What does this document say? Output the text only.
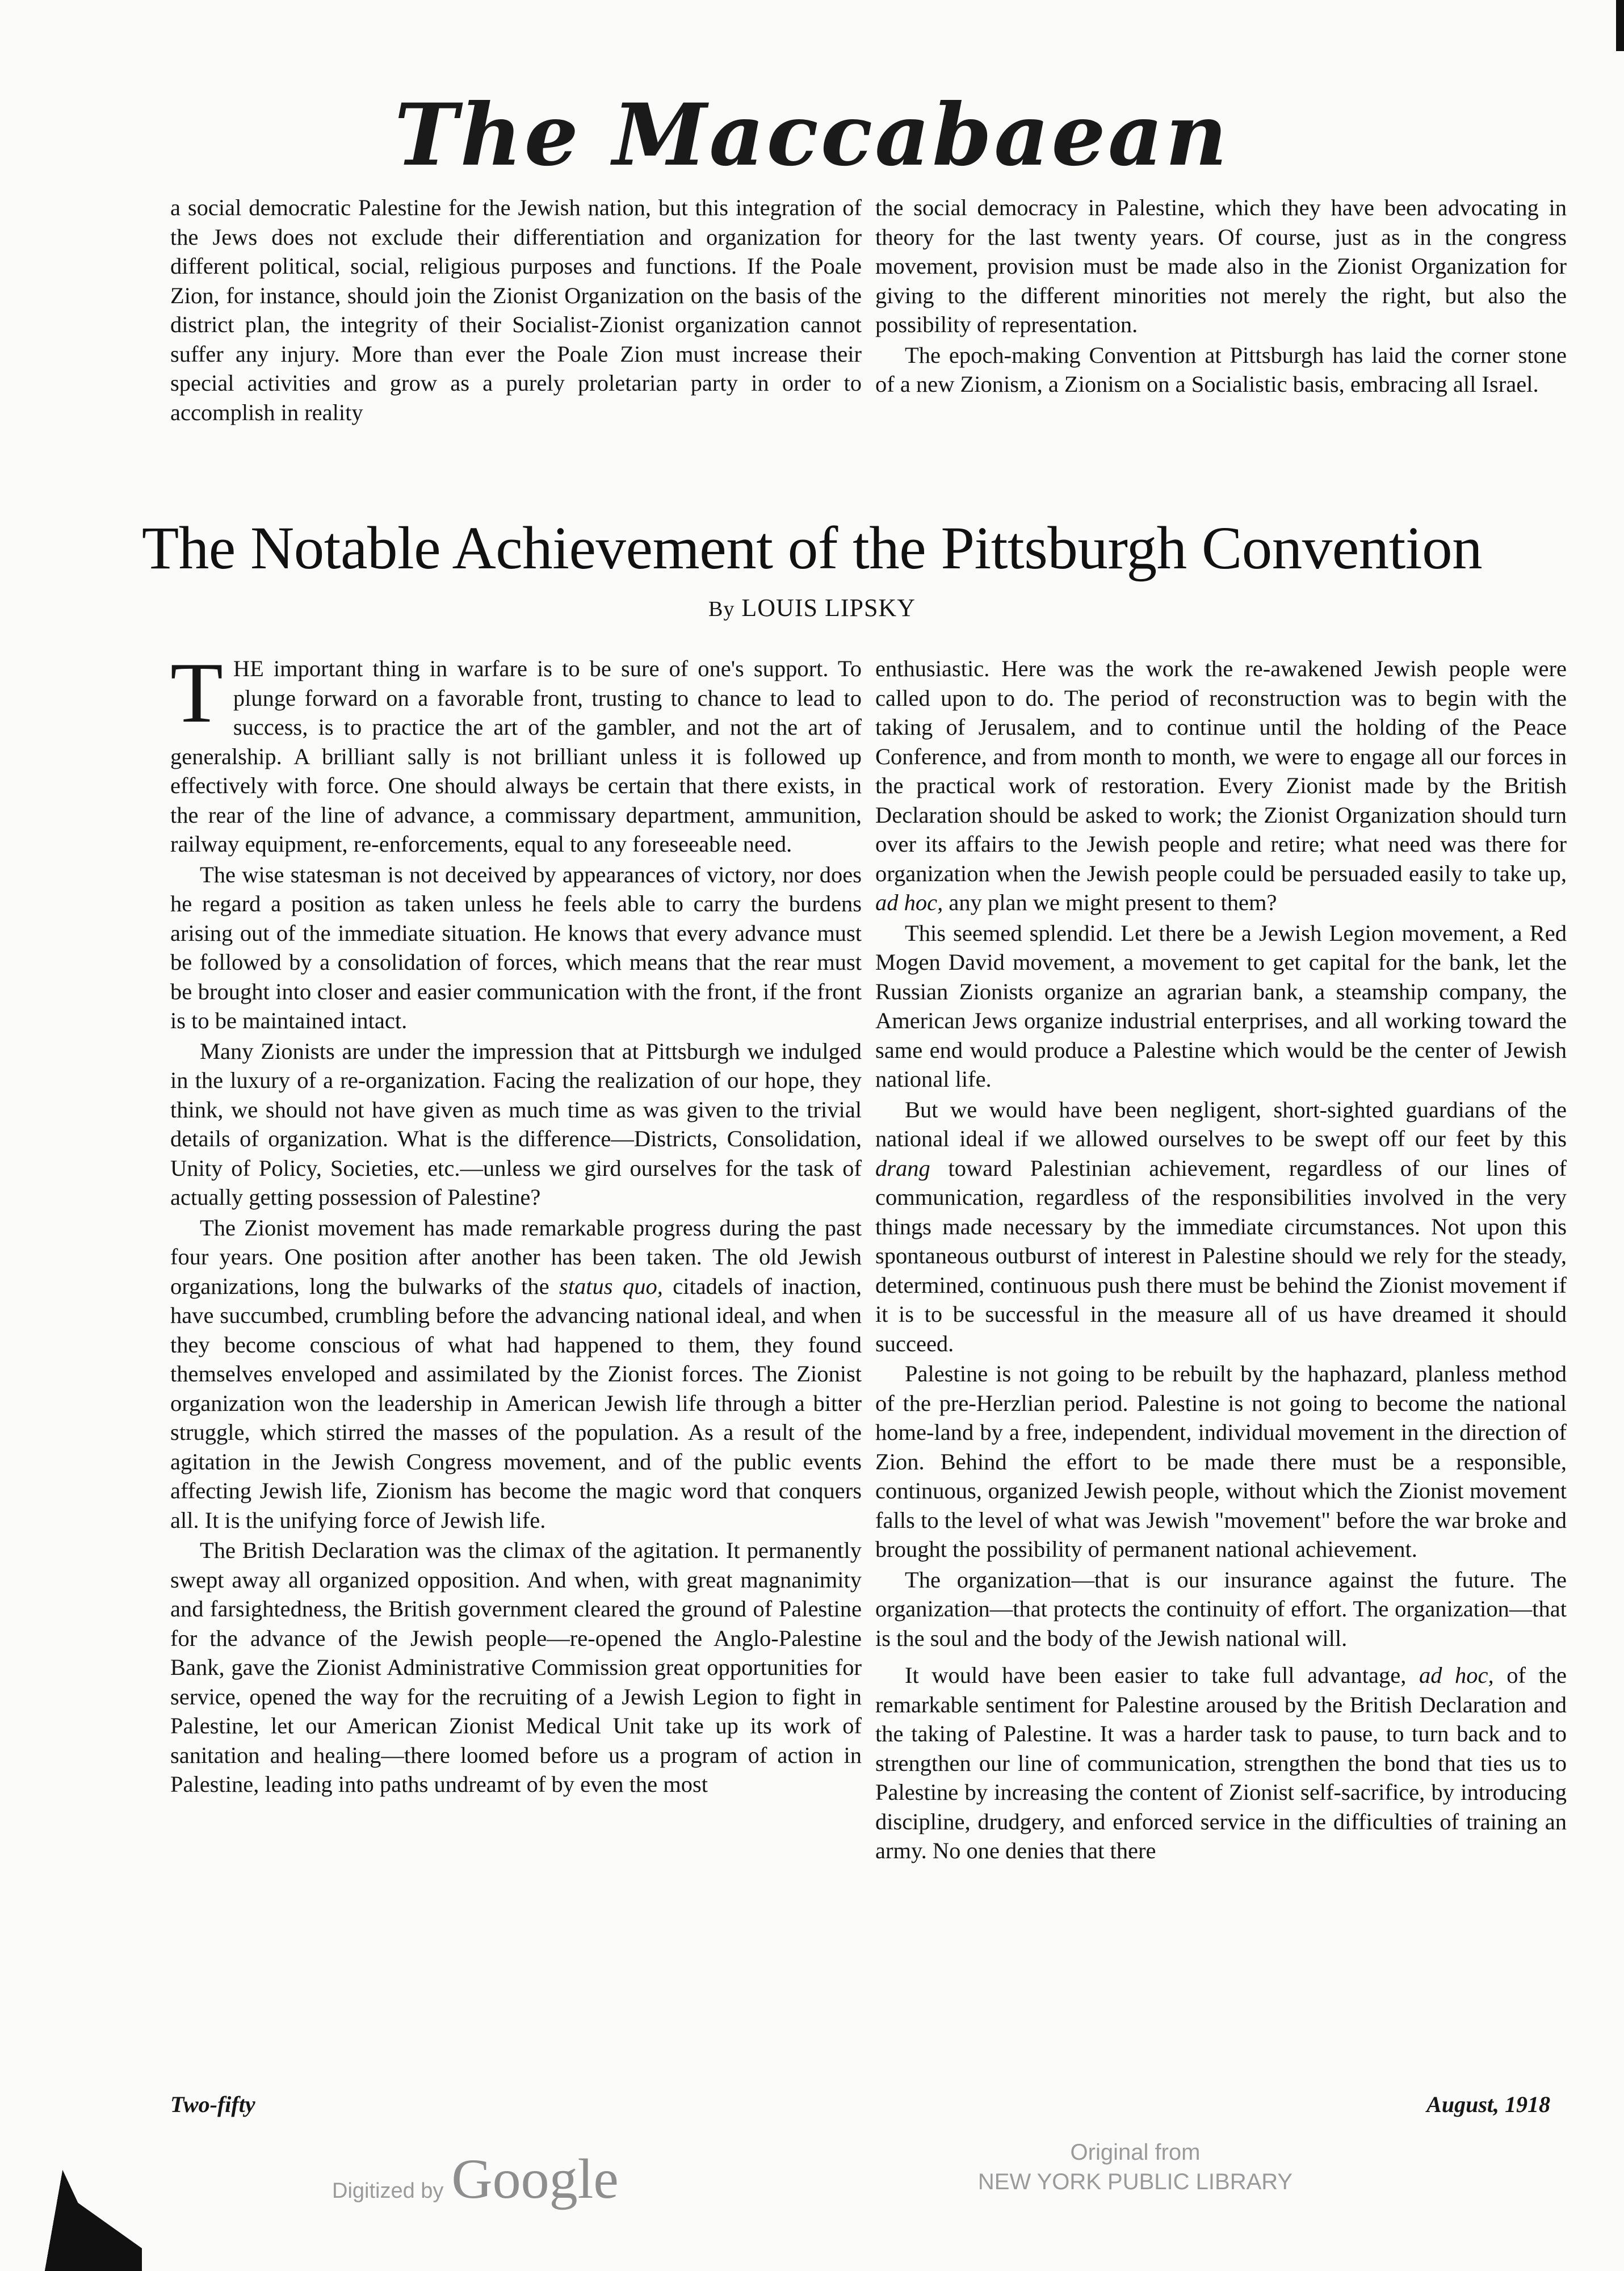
The Maccabaean

a social democratic Palestine for the Jewish nation, but this integration of the Jews does not exclude their differentiation and organization for different political, social, religious purposes and functions. If the Poale Zion, for instance, should join the Zionist Organization on the basis of the district plan, the integrity of their Socialist-Zionist organization cannot suffer any injury. More than ever the Poale Zion must increase their special activities and grow as a purely proletarian party in order to accomplish in reality

the social democracy in Palestine, which they have been advocating in theory for the last twenty years. Of course, just as in the congress movement, provision must be made also in the Zionist Organization for giving to the different minorities not merely the right, but also the possibility of representation.

The epoch-making Convention at Pittsburgh has laid the corner stone of a new Zionism, a Zionism on a Socialistic basis, embracing all Israel.

The Notable Achievement of the Pittsburgh Convention
By LOUIS LIPSKY

THE important thing in warfare is to be sure of one's support. To plunge forward on a favorable front, trusting to chance to lead to success, is to practice the art of the gambler, and not the art of generalship. A brilliant sally is not brilliant unless it is followed up effectively with force. One should always be certain that there exists, in the rear of the line of advance, a commissary department, ammunition, railway equipment, re-enforcements, equal to any foreseeable need.

The wise statesman is not deceived by appearances of victory, nor does he regard a position as taken unless he feels able to carry the burdens arising out of the immediate situation. He knows that every advance must be followed by a consolidation of forces, which means that the rear must be brought into closer and easier communication with the front, if the front is to be maintained intact.

Many Zionists are under the impression that at Pittsburgh we indulged in the luxury of a re-organization. Facing the realization of our hope, they think, we should not have given as much time as was given to the trivial details of organization. What is the difference—Districts, Consolidation, Unity of Policy, Societies, etc.—unless we gird ourselves for the task of actually getting possession of Palestine?

The Zionist movement has made remarkable progress during the past four years. One position after another has been taken. The old Jewish organizations, long the bulwarks of the status quo, citadels of inaction, have succumbed, crumbling before the advancing national ideal, and when they become conscious of what had happened to them, they found themselves enveloped and assimilated by the Zionist forces. The Zionist organization won the leadership in American Jewish life through a bitter struggle, which stirred the masses of the population. As a result of the agitation in the Jewish Congress movement, and of the public events affecting Jewish life, Zionism has become the magic word that conquers all. It is the unifying force of Jewish life.

The British Declaration was the climax of the agitation. It permanently swept away all organized opposition. And when, with great magnanimity and farsightedness, the British government cleared the ground of Palestine for the advance of the Jewish people—re-opened the Anglo-Palestine Bank, gave the Zionist Administrative Commission great opportunities for service, opened the way for the recruiting of a Jewish Legion to fight in Palestine, let our American Zionist Medical Unit take up its work of sanitation and healing—there loomed before us a program of action in Palestine, leading into paths undreamt of by even the most

enthusiastic. Here was the work the re-awakened Jewish people were called upon to do. The period of reconstruction was to begin with the taking of Jerusalem, and to continue until the holding of the Peace Conference, and from month to month, we were to engage all our forces in the practical work of restoration. Every Zionist made by the British Declaration should be asked to work; the Zionist Organization should turn over its affairs to the Jewish people and retire; what need was there for organization when the Jewish people could be persuaded easily to take up, ad hoc, any plan we might present to them?

This seemed splendid. Let there be a Jewish Legion movement, a Red Mogen David movement, a movement to get capital for the bank, let the Russian Zionists organize an agrarian bank, a steamship company, the American Jews organize industrial enterprises, and all working toward the same end would produce a Palestine which would be the center of Jewish national life.

But we would have been negligent, short-sighted guardians of the national ideal if we allowed ourselves to be swept off our feet by this drang toward Palestinian achievement, regardless of our lines of communication, regardless of the responsibilities involved in the very things made necessary by the immediate circumstances. Not upon this spontaneous outburst of interest in Palestine should we rely for the steady, determined, continuous push there must be behind the Zionist movement if it is to be successful in the measure all of us have dreamed it should succeed.

Palestine is not going to be rebuilt by the haphazard, planless method of the pre-Herzlian period. Palestine is not going to become the national home-land by a free, independent, individual movement in the direction of Zion. Behind the effort to be made there must be a responsible, continuous, organized Jewish people, without which the Zionist movement falls to the level of what was Jewish "movement" before the war broke and brought the possibility of permanent national achievement.

The organization—that is our insurance against the future. The organization—that protects the continuity of effort. The organization—that is the soul and the body of the Jewish national will.

It would have been easier to take full advantage, ad hoc, of the remarkable sentiment for Palestine aroused by the British Declaration and the taking of Palestine. It was a harder task to pause, to turn back and to strengthen our line of communication, strengthen the bond that ties us to Palestine by increasing the content of Zionist self-sacrifice, by introducing discipline, drudgery, and enforced service in the difficulties of training an army. No one denies that there

Two-fifty	August, 1918
Digitized by Google	Original from
NEW YORK PUBLIC LIBRARY
